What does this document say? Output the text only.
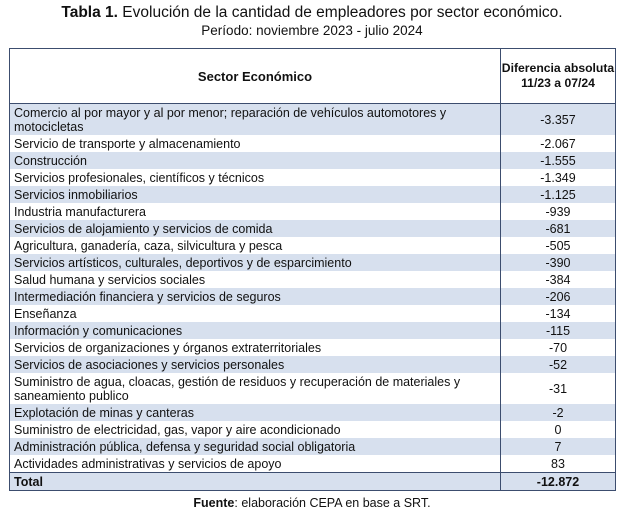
Tabla 1. Evolución de la cantidad de empleadores por sector económico.
Período: noviembre 2023 - julio 2024
Sector Económico	Diferencia absoluta 11/23 a 07/24
Comercio al por mayor y al por menor; reparación de vehículos automotores y motocicletas	-3.357
Servicio de transporte y almacenamiento	-2.067
Construcción	-1.555
Servicios profesionales, científicos y técnicos	-1.349
Servicios inmobiliarios	-1.125
Industria manufacturera	-939
Servicios de alojamiento y servicios de comida	-681
Agricultura, ganadería, caza, silvicultura y pesca	-505
Servicios artísticos, culturales, deportivos y de esparcimiento	-390
Salud humana y servicios sociales	-384
Intermediación financiera y servicios de seguros	-206
Enseñanza	-134
Información y comunicaciones	-115
Servicios de organizaciones y órganos extraterritoriales	-70
Servicios de asociaciones y servicios personales	-52
Suministro de agua, cloacas, gestión de residuos y recuperación de materiales y saneamiento publico	-31
Explotación de minas y canteras	-2
Suministro de electricidad, gas, vapor y aire acondicionado	0
Administración pública, defensa y seguridad social obligatoria	7
Actividades administrativas y servicios de apoyo	83
Total	-12.872
Fuente: elaboración CEPA en base a SRT.
